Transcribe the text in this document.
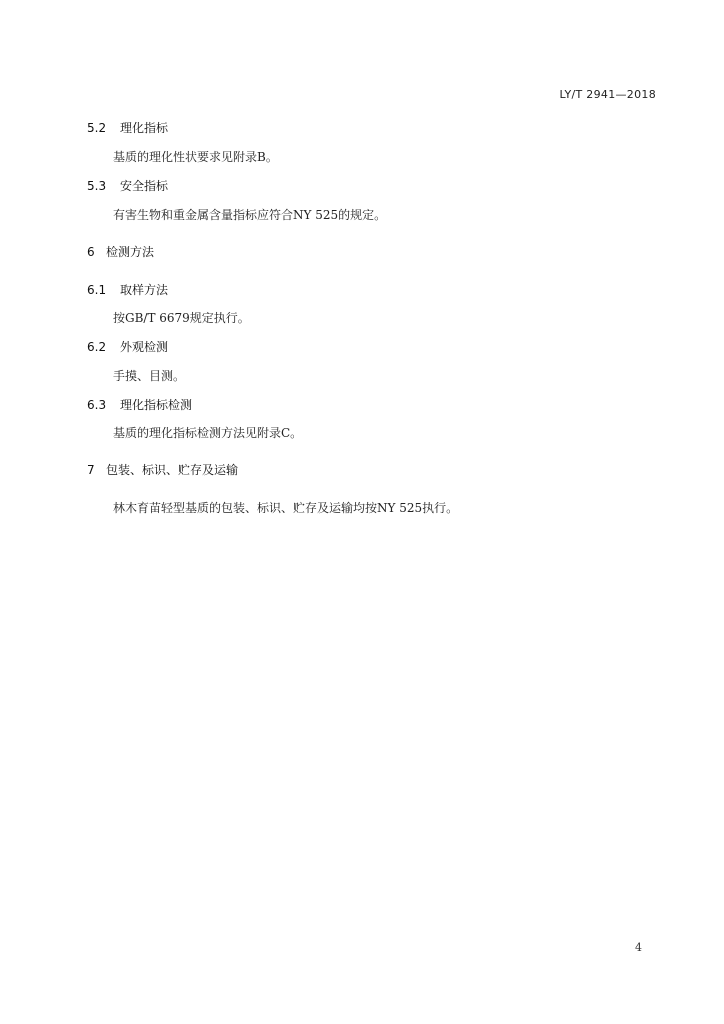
LY/T 2941—2018
5.2 理化指标
基质的理化性状要求见附录B。
5.3 安全指标
有害生物和重金属含量指标应符合NY 525的规定。
6 检测方法
6.1 取样方法
按GB/T 6679规定执行。
6.2 外观检测
手摸、目测。
6.3 理化指标检测
基质的理化指标检测方法见附录C。
7 包装、标识、贮存及运输
林木育苗轻型基质的包装、标识、贮存及运输均按NY 525执行。
4
